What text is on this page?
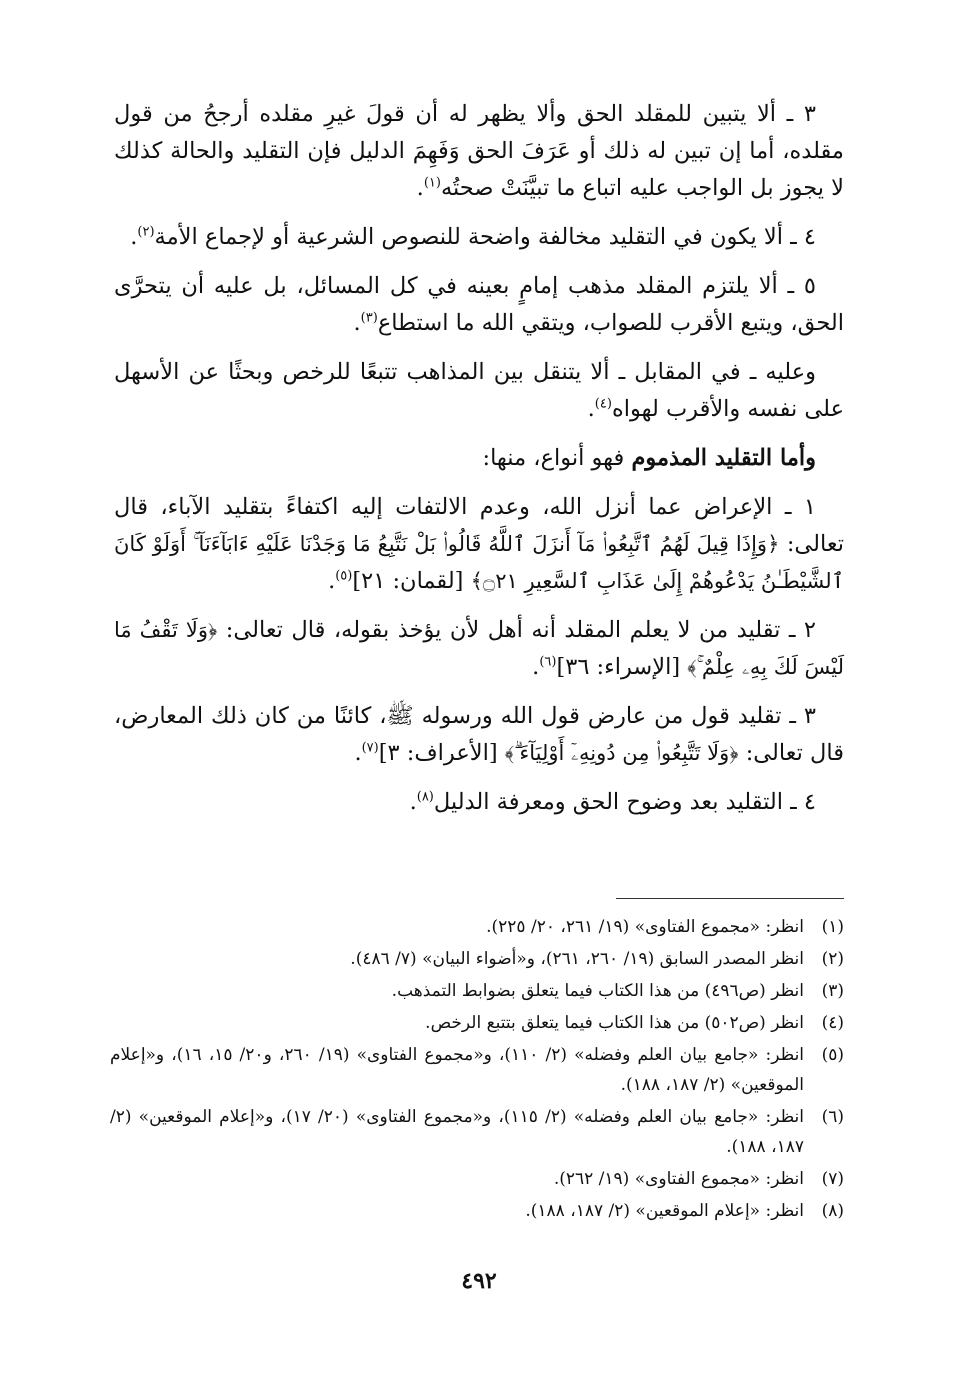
٣ ـ ألا يتبين للمقلد الحق وألا يظهر له أن قولَ غيرِ مقلده أرجحُ من قول مقلده، أما إن تبين له ذلك أو عَرَفَ الحق وَفَهِمَ الدليل فإن التقليد والحالة كذلك لا يجوز بل الواجب عليه اتباع ما تبيَّنَتْ صحتُه$^{(١)}$.

٤ ـ ألا يكون في التقليد مخالفة واضحة للنصوص الشرعية أو لإجماع الأمة$^{(٢)}$.

٥ ـ ألا يلتزم المقلد مذهب إمامٍ بعينه في كل المسائل، بل عليه أن يتحرَّى الحق، ويتبع الأقرب للصواب، ويتقي الله ما استطاع$^{(٣)}$.

وعليه ـ في المقابل ـ ألا يتنقل بين المذاهب تتبعًا للرخص وبحثًا عن الأسهل على نفسه والأقرب لهواه$^{(٤)}$.

وأما التقليد المذموم فهو أنواع، منها:

١ ـ الإعراض عما أنزل الله، وعدم الالتفات إليه اكتفاءً بتقليد الآباء، قال تعالى: ﴿وَإِذَا قِيلَ لَهُمُ ٱتَّبِعُوا۟ مَآ أَنزَلَ ٱللَّهُ قَالُوا۟ بَلْ نَتَّبِعُ مَا وَجَدْنَا عَلَيْهِ ءَابَآءَنَآ ۚ أَوَلَوْ كَانَ ٱلشَّيْطَـٰنُ يَدْعُوهُمْ إِلَىٰ عَذَابِ ٱلسَّعِيرِ ۝٢١﴾ [لقمان: ٢١]$^{(٥)}$.

٢ ـ تقليد من لا يعلم المقلد أنه أهل لأن يؤخذ بقوله، قال تعالى: ﴿وَلَا تَقْفُ مَا لَيْسَ لَكَ بِهِۦ عِلْمٌ ۚ﴾ [الإسراء: ٣٦]$^{(٦)}$.

٣ ـ تقليد قول من عارض قول الله ورسوله ﷺ، كائنًا من كان ذلك المعارض، قال تعالى: ﴿وَلَا تَتَّبِعُوا۟ مِن دُونِهِۦٓ أَوْلِيَآءَ ۗ﴾ [الأعراف: ٣]$^{(٧)}$.

٤ ـ التقليد بعد وضوح الحق ومعرفة الدليل$^{(٨)}$.

(١)
انظر: «مجموع الفتاوى» (١٩/ ٢٦١، ٢٠/ ٢٢٥).
(٢)
انظر المصدر السابق (١٩/ ٢٦٠، ٢٦١)، و«أضواء البيان» (٧/ ٤٨٦).
(٣)
انظر (ص٤٩٦) من هذا الكتاب فيما يتعلق بضوابط التمذهب.
(٤)
انظر (ص٥٠٢) من هذا الكتاب فيما يتعلق بتتبع الرخص.
(٥)
انظر: «جامع بيان العلم وفضله» (٢/ ١١٠)، و«مجموع الفتاوى» (١٩/ ٢٦٠، و٢٠/ ١٥، ١٦)، و«إعلام الموقعين» (٢/ ١٨٧، ١٨٨).
(٦)
انظر: «جامع بيان العلم وفضله» (٢/ ١١٥)، و«مجموع الفتاوى» (٢٠/ ١٧)، و«إعلام الموقعين» (٢/ ١٨٧، ١٨٨).
(٧)
انظر: «مجموع الفتاوى» (١٩/ ٢٦٢).
(٨)
انظر: «إعلام الموقعين» (٢/ ١٨٧، ١٨٨).
٤٩٢
